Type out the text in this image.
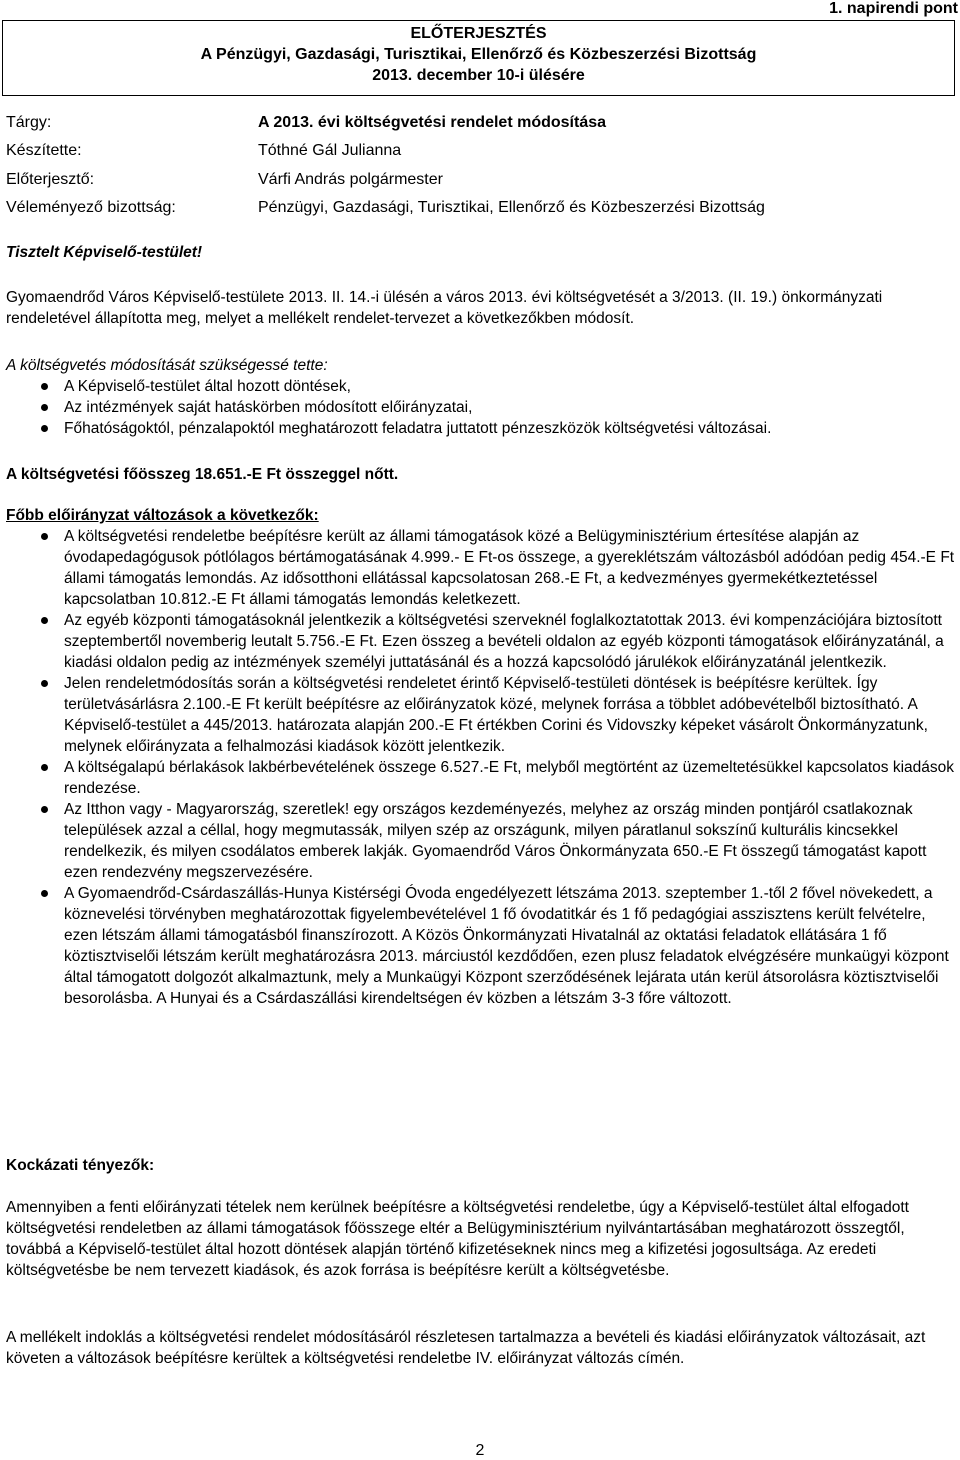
1. napirendi pont
ELŐTERJESZTÉS
A Pénzügyi, Gazdasági, Turisztikai, Ellenőrző és Közbeszerzési Bizottság
2013. december 10-i ülésére
Tárgy:	A 2013. évi költségvetési rendelet módosítása
Készítette:	Tóthné Gál Julianna
Előterjesztő:	Várfi András polgármester
Véleményező bizottság:	Pénzügyi, Gazdasági, Turisztikai, Ellenőrző és Közbeszerzési Bizottság
Tisztelt Képviselő-testület!

Gyomaendrőd Város Képviselő-testülete 2013. II. 14.-i ülésén a város 2013. évi költségvetését a 3/2013. (II. 19.) önkormányzati rendeletével állapította meg, melyet a mellékelt rendelet-tervezet a következőkben módosít.

A költségvetés módosítását szükségessé tette:

A Képviselő-testület által hozott döntések,
Az intézmények saját hatáskörben módosított előirányzatai,
Főhatóságoktól, pénzalapoktól meghatározott feladatra juttatott pénzeszközök költségvetési változásai.
A költségvetési főösszeg 18.651.-E Ft összeggel nőtt.

Főbb előirányzat változások a következők:

A költségvetési rendeletbe beépítésre került az állami támogatások közé a Belügyminisztérium értesítése alapján az óvodapedagógusok pótlólagos bértámogatásának 4.999.- E Ft-os összege, a gyereklétszám változásból adódóan pedig 454.-E Ft állami támogatás lemondás. Az idősotthoni ellátással kapcsolatosan 268.-E Ft, a kedvezményes gyermekétkeztetéssel kapcsolatban 10.812.-E Ft állami támogatás lemondás keletkezett.
Az egyéb központi támogatásoknál jelentkezik a költségvetési szerveknél foglalkoztatottak 2013. évi kompenzációjára biztosított szeptembertől novemberig leutalt 5.756.-E Ft. Ezen összeg a bevételi oldalon az egyéb központi támogatások előirányzatánál, a kiadási oldalon pedig az intézmények személyi juttatásánál és a hozzá kapcsolódó járulékok előirányzatánál jelentkezik.
Jelen rendeletmódosítás során a költségvetési rendeletet érintő Képviselő-testületi döntések is beépítésre kerültek. Így területvásárlásra 2.100.-E Ft került beépítésre az előirányzatok közé, melynek forrása a többlet adóbevételből biztosítható. A Képviselő-testület a 445/2013. határozata alapján 200.-E Ft értékben Corini és Vidovszky képeket vásárolt Önkormányzatunk, melynek előirányzata a felhalmozási kiadások között jelentkezik.
A költségalapú bérlakások lakbérbevételének összege 6.527.-E Ft, melyből megtörtént az üzemeltetésükkel kapcsolatos kiadások rendezése.
Az Itthon vagy - Magyarország, szeretlek! egy országos kezdeményezés, melyhez az ország minden pontjáról csatlakoznak települések azzal a céllal, hogy megmutassák, milyen szép az országunk, milyen páratlanul sokszínű kulturális kincsekkel rendelkezik, és milyen csodálatos emberek lakják. Gyomaendrőd Város Önkormányzata 650.-E Ft összegű támogatást kapott ezen rendezvény megszervezésére.
A Gyomaendrőd-Csárdaszállás-Hunya Kistérségi Óvoda engedélyezett létszáma 2013. szeptember 1.-től 2 fővel növekedett, a köznevelési törvényben meghatározottak figyelembevételével 1 fő óvodatitkár és 1 fő pedagógiai asszisztens került felvételre, ezen létszám állami támogatásból finanszírozott. A Közös Önkormányzati Hivatalnál az oktatási feladatok ellátására 1 fő köztisztviselői létszám került meghatározásra 2013. márciustól kezdődően, ezen plusz feladatok elvégzésére munkaügyi központ által támogatott dolgozót alkalmaztunk, mely a Munkaügyi Központ szerződésének lejárata után kerül átsorolásra köztisztviselői besorolásba. A Hunyai és a Csárdaszállási kirendeltségen év közben a létszám 3-3 főre változott.
Kockázati tényezők:

Amennyiben a fenti előirányzati tételek nem kerülnek beépítésre a költségvetési rendeletbe, úgy a Képviselő-testület által elfogadott költségvetési rendeletben az állami támogatások főösszege eltér a Belügyminisztérium nyilvántartásában meghatározott összegtől, továbbá a Képviselő-testület által hozott döntések alapján történő kifizetéseknek nincs meg a kifizetési jogosultsága. Az eredeti költségvetésbe be nem tervezett kiadások, és azok forrása is beépítésre került a költségvetésbe.

A mellékelt indoklás a költségvetési rendelet módosításáról részletesen tartalmazza a bevételi és kiadási előirányzatok változásait, azt követen a változások beépítésre kerültek a költségvetési rendeletbe IV. előirányzat változás címén.

2
